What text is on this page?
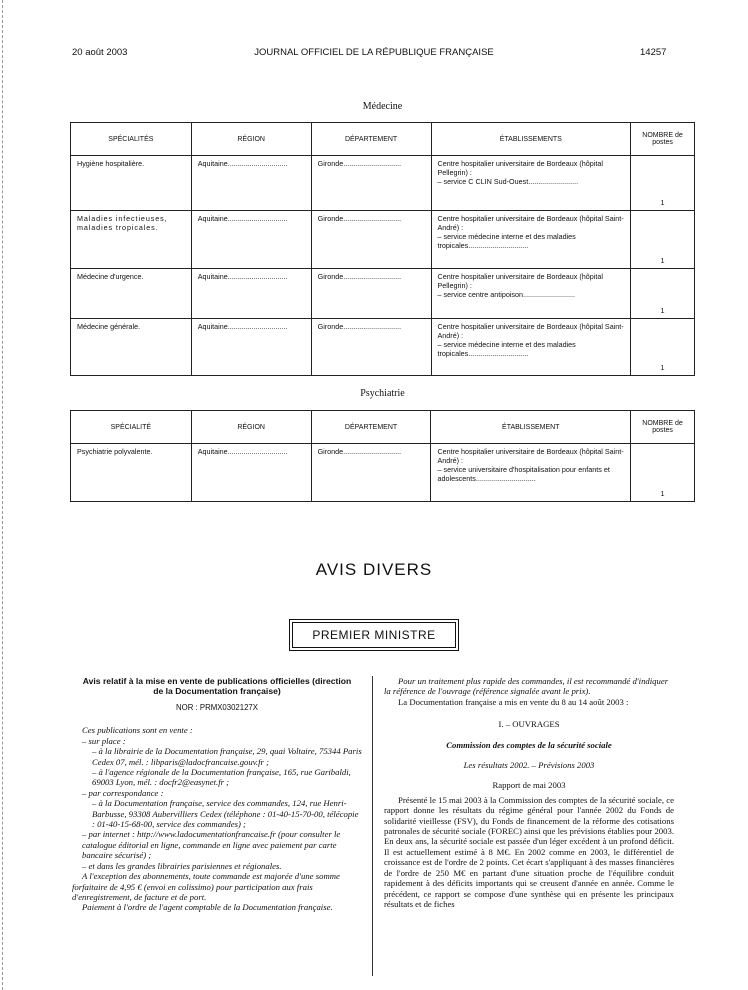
20 août 2003	JOURNAL OFFICIEL DE LA RÉPUBLIQUE FRANÇAISE	14257
Médecine
SPÉCIALITÉS	RÉGION	DÉPARTEMENT	ÉTABLISSEMENTS	NOMBRE de postes
Hygiène hospitalière.	Aquitaine..............................	Gironde.............................	Centre hospitalier universitaire de Bordeaux (hôpital Pellegrin) :
– service C CLIN Sud-Ouest.........................	1
Maladies infectieuses, maladies tropicales.	Aquitaine..............................	Gironde.............................	Centre hospitalier universitaire de Bordeaux (hôpital Saint-André) :
– service médecine interne et des maladies tropicales..............................	1
Médecine d'urgence.	Aquitaine..............................	Gironde.............................	Centre hospitalier universitaire de Bordeaux (hôpital Pellegrin) :
– service centre antipoison..........................	1
Médecine générale.	Aquitaine..............................	Gironde.............................	Centre hospitalier universitaire de Bordeaux (hôpital Saint-André) :
– service médecine interne et des maladies tropicales..............................	1
Psychiatrie
SPÉCIALITÉ	RÉGION	DÉPARTEMENT	ÉTABLISSEMENT	NOMBRE de postes
Psychiatrie polyvalente.	Aquitaine..............................	Gironde.............................	Centre hospitalier universitaire de Bordeaux (hôpital Saint-André) :
– service universitaire d'hospitalisation pour enfants et adolescents..............................	1
AVIS DIVERS
PREMIER MINISTRE

Avis relatif à la mise en vente de publications officielles (direction de la Documentation française)

NOR : PRMX0302127X

Ces publications sont en vente :

– sur place :

– à la librairie de la Documentation française, 29, quai Voltaire, 75344 Paris Cedex 07, mél. : libparis@ladocfrancaise.gouv.fr ;

– à l'agence régionale de la Documentation française, 165, rue Garibaldi, 69003 Lyon, mél. : docfr2@easynet.fr ;

– par correspondance :

– à la Documentation française, service des commandes, 124, rue Henri-Barbusse, 93308 Aubervilliers Cedex (téléphone : 01-40-15-70-00, télécopie : 01-40-15-68-00, service des commandes) ;

– par internet : http://www.ladocumentationfrancaise.fr (pour consulter le catalogue éditorial en ligne, commande en ligne avec paiement par carte bancaire sécurisé) ;

– et dans les grandes librairies parisiennes et régionales.

A l'exception des abonnements, toute commande est majorée d'une somme forfaitaire de 4,95 € (envoi en colissimo) pour participation aux frais d'enregistrement, de facture et de port.

Paiement à l'ordre de l'agent comptable de la Documentation française.

Pour un traitement plus rapide des commandes, il est recommandé d'indiquer la référence de l'ouvrage (référence signalée avant le prix).

La Documentation française a mis en vente du 8 au 14 août 2003 :

I. – OUVRAGES

Commission des comptes de la sécurité sociale

Les résultats 2002. – Prévisions 2003

Rapport de mai 2003

Présenté le 15 mai 2003 à la Commission des comptes de la sécurité sociale, ce rapport donne les résultats du régime général pour l'année 2002 du Fonds de solidarité vieillesse (FSV), du Fonds de financement de la réforme des cotisations patronales de sécurité sociale (FOREC) ainsi que les prévisions établies pour 2003. En deux ans, la sécurité sociale est passée d'un léger excédent à un profond déficit. Il est actuellement estimé à 8 M€. En 2002 comme en 2003, le différentiel de croissance est de l'ordre de 2 points. Cet écart s'appliquant à des masses financières de l'ordre de 250 M€ en partant d'une situation proche de l'équilibre conduit rapidement à des déficits importants qui se creusent d'année en année. Comme le précédent, ce rapport se compose d'une synthèse qui en présente les principaux résultats et de fiches
